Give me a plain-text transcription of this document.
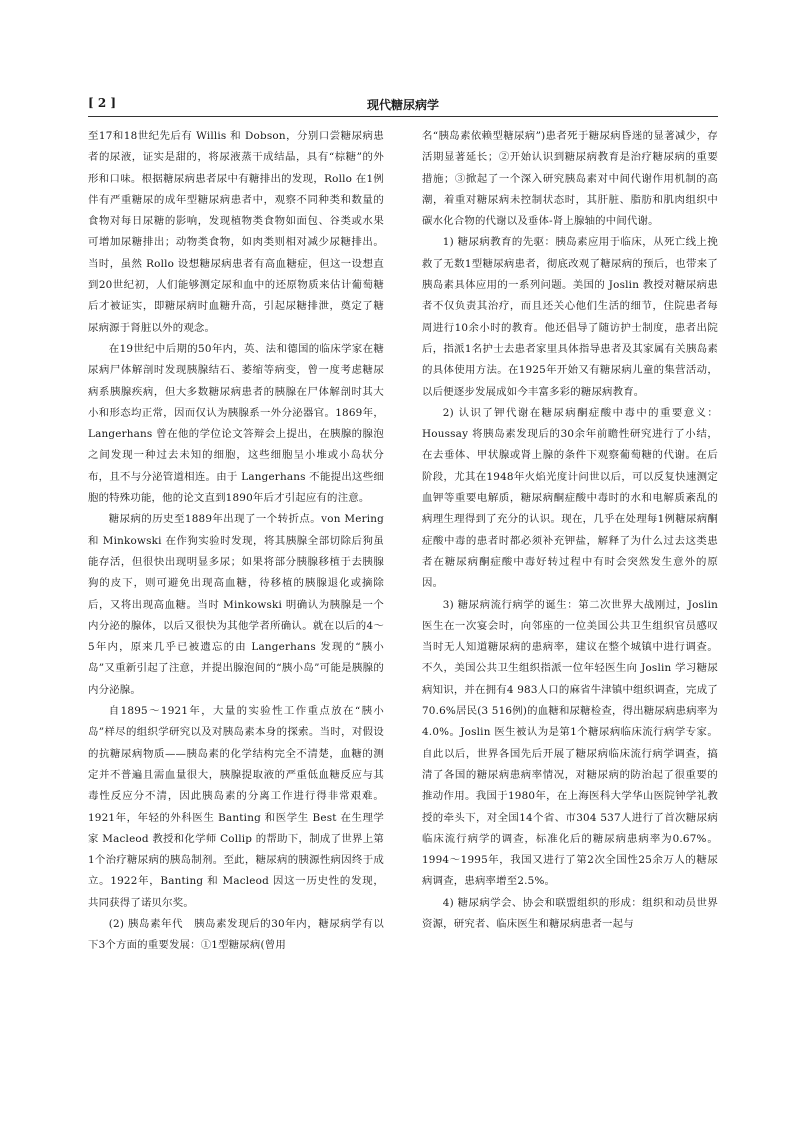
[ 2 ]	现代糖尿病学

至17和18世纪先后有 Willis 和 Dobson，分别口尝糖尿病患者的尿液，证实是甜的，将尿液蒸干成结晶，具有“棕糖”的外形和口味。根据糖尿病患者尿中有糖排出的发现，Rollo 在1例伴有严重糖尿的成年型糖尿病患者中，观察不同种类和数量的食物对每日尿糖的影响，发现植物类食物如面包、谷类或水果可增加尿糖排出；动物类食物，如肉类则相对减少尿糖排出。当时，虽然 Rollo 设想糖尿病患者有高血糖症，但这一设想直到20世纪初，人们能够测定尿和血中的还原物质来估计葡萄糖后才被证实，即糖尿病时血糖升高，引起尿糖排泄，奠定了糖尿病源于肾脏以外的观念。

在19世纪中后期的50年内，英、法和德国的临床学家在糖尿病尸体解剖时发现胰腺结石、萎缩等病变，曾一度考虑糖尿病系胰腺疾病，但大多数糖尿病患者的胰腺在尸体解剖时其大小和形态均正常，因而仅认为胰腺系一外分泌器官。1869年，Langerhans 曾在他的学位论文答辩会上提出，在胰腺的腺泡之间发现一种过去未知的细胞，这些细胞呈小堆或小岛状分布，且不与分泌管道相连。由于 Langerhans 不能提出这些细胞的特殊功能，他的论文直到1890年后才引起应有的注意。

糖尿病的历史至1889年出现了一个转折点。von Mering 和 Minkowski 在作狗实验时发现，将其胰腺全部切除后狗虽能存活，但很快出现明显多尿；如果将部分胰腺移植于去胰腺狗的皮下，则可避免出现高血糖，待移植的胰腺退化或摘除后，又将出现高血糖。当时 Minkowski 明确认为胰腺是一个内分泌的腺体，以后又很快为其他学者所确认。就在以后的4～5年内，原来几乎已被遗忘的由 Langerhans 发现的“胰小岛”又重新引起了注意，并提出腺泡间的“胰小岛”可能是胰腺的内分泌腺。

自1895～1921年，大量的实验性工作重点放在“胰小岛”样尽的组织学研究以及对胰岛素本身的探索。当时，对假设的抗糖尿病物质——胰岛素的化学结构完全不清楚，血糖的测定并不普遍且需血量很大，胰腺提取液的严重低血糖反应与其毒性反应分不清，因此胰岛素的分离工作进行得非常艰难。1921年，年轻的外科医生 Banting 和医学生 Best 在生理学家 Macleod 教授和化学师 Collip 的帮助下，制成了世界上第1个治疗糖尿病的胰岛制剂。至此，糖尿病的胰源性病因终于成立。1922年，Banting 和 Macleod 因这一历史性的发现，共同获得了诺贝尔奖。

(2) 胰岛素年代　胰岛素发现后的30年内，糖尿病学有以下3个方面的重要发展：①1型糖尿病(曾用

名“胰岛素依赖型糖尿病”)患者死于糖尿病昏迷的显著减少，存活期显著延长；②开始认识到糖尿病教育是治疗糖尿病的重要措施；③掀起了一个深入研究胰岛素对中间代谢作用机制的高潮，着重对糖尿病未控制状态时，其肝脏、脂肪和肌肉组织中碳水化合物的代谢以及垂体-肾上腺轴的中间代谢。

1) 糖尿病教育的先驱：胰岛素应用于临床，从死亡线上挽救了无数1型糖尿病患者，彻底改观了糖尿病的预后，也带来了胰岛素具体应用的一系列问题。美国的 Joslin 教授对糖尿病患者不仅负责其治疗，而且还关心他们生活的细节，住院患者每周进行10余小时的教育。他还倡导了随访护士制度，患者出院后，指派1名护士去患者家里具体指导患者及其家属有关胰岛素的具体使用方法。在1925年开始又有糖尿病儿童的集营活动，以后便逐步发展成如今丰富多彩的糖尿病教育。

2) 认识了钾代谢在糖尿病酮症酸中毒中的重要意义：Houssay 将胰岛素发现后的30余年前瞻性研究进行了小结，在去垂体、甲状腺或肾上腺的条件下观察葡萄糖的代谢。在后阶段，尤其在1948年火焰光度计问世以后，可以反复快速测定血钾等重要电解质，糖尿病酮症酸中毒时的水和电解质紊乱的病理生理得到了充分的认识。现在，几乎在处理每1例糖尿病酮症酸中毒的患者时都必须补充钾盐，解释了为什么过去这类患者在糖尿病酮症酸中毒好转过程中有时会突然发生意外的原因。

3) 糖尿病流行病学的诞生：第二次世界大战刚过，Joslin 医生在一次宴会时，向邻座的一位美国公共卫生组织官员感叹当时无人知道糖尿病的患病率，建议在整个城镇中进行调查。不久，美国公共卫生组织指派一位年轻医生向 Joslin 学习糖尿病知识，并在拥有4 983人口的麻省牛津镇中组织调查，完成了70.6%居民(3 516例)的血糖和尿糖检查，得出糖尿病患病率为4.0%。Joslin 医生被认为是第1个糖尿病临床流行病学专家。自此以后，世界各国先后开展了糖尿病临床流行病学调查，搞清了各国的糖尿病患病率情况，对糖尿病的防治起了很重要的推动作用。我国于1980年，在上海医科大学华山医院钟学礼教授的牵头下，对全国14个省、市304 537人进行了首次糖尿病临床流行病学的调查，标准化后的糖尿病患病率为0.67%。1994～1995年，我国又进行了第2次全国性25余万人的糖尿病调查，患病率增至2.5%。

4) 糖尿病学会、协会和联盟组织的形成：组织和动员世界资源，研究者、临床医生和糖尿病患者一起与
